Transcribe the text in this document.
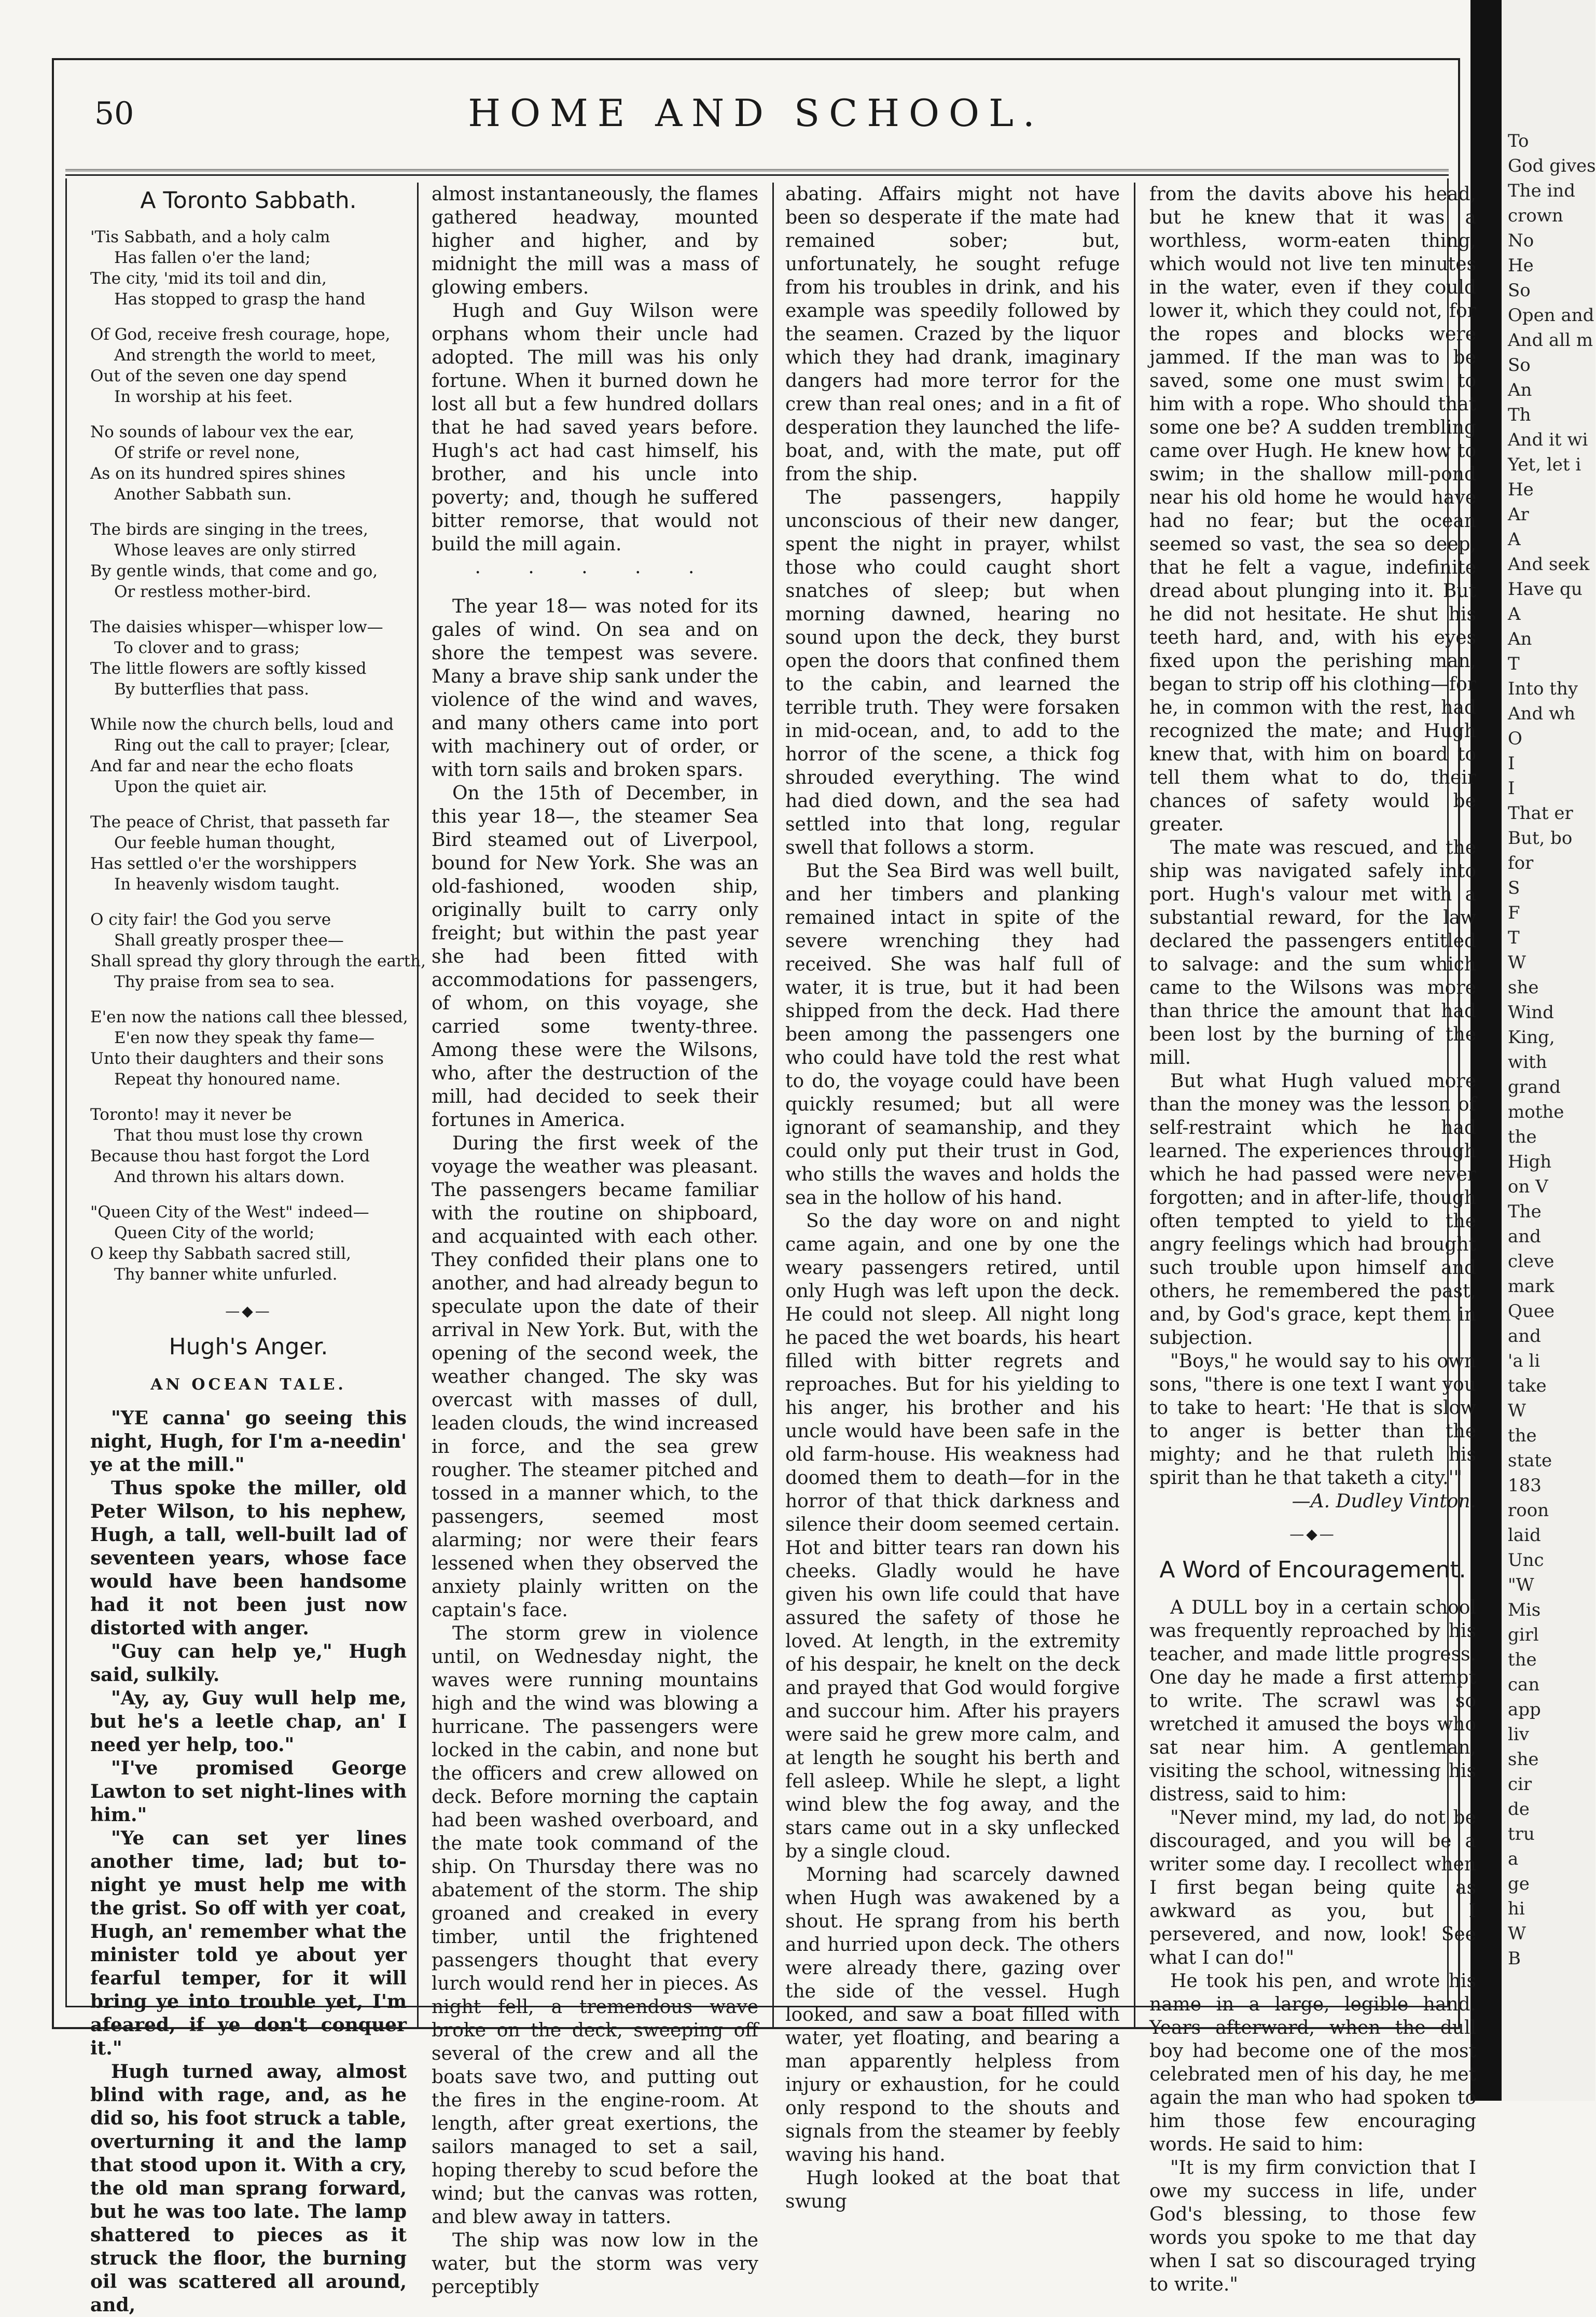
To
God gives
The ind
crown
No
He
So
Open and
And all m
So
An
Th
And it wi
Yet, let i
He
Ar
A
And seek
Have qu
A
An
T
Into thy
And wh
O
I
I
That er
But, bo
for
S
F
T
W
she
Wind
King,
with
grand
mothe
the
High
on V
The
and
cleve
mark
Quee
and
'a li
take
W
the
state
183
roon
laid
Unc
"W
Mis
girl
the
can
app
liv
she
cir
de
tru
a
ge
hi
W
B
50	HOME AND SCHOOL.
A Toronto Sabbath.
'Tis Sabbath, and a holy calm
Has fallen o'er the land;
The city, 'mid its toil and din,
Has stopped to grasp the hand
Of God, receive fresh courage, hope,
And strength the world to meet,
Out of the seven one day spend
In worship at his feet.
No sounds of labour vex the ear,
Of strife or revel none,
As on its hundred spires shines
Another Sabbath sun.
The birds are singing in the trees,
Whose leaves are only stirred
By gentle winds, that come and go,
Or restless mother-bird.
The daisies whisper—whisper low—
To clover and to grass;
The little flowers are softly kissed
By butterflies that pass.
While now the church bells, loud and
Ring out the call to prayer; [clear,
And far and near the echo floats
Upon the quiet air.
The peace of Christ, that passeth far
Our feeble human thought,
Has settled o'er the worshippers
In heavenly wisdom taught.
O city fair! the God you serve
Shall greatly prosper thee—
Shall spread thy glory through the earth,
Thy praise from sea to sea.
E'en now the nations call thee blessed,
E'en now they speak thy fame—
Unto their daughters and their sons
Repeat thy honoured name.
Toronto! may it never be
That thou must lose thy crown
Because thou hast forgot the Lord
And thrown his altars down.
"Queen City of the West" indeed—
Queen City of the world;
O keep thy Sabbath sacred still,
Thy banner white unfurled.
—◆—
Hugh's Anger.
AN OCEAN TALE.

"YE canna' go seeing this night, Hugh, for I'm a-needin' ye at the mill."

Thus spoke the miller, old Peter Wilson, to his nephew, Hugh, a tall, well-built lad of seventeen years, whose face would have been handsome had it not been just now distorted with anger.

"Guy can help ye," Hugh said, sulkily.

"Ay, ay, Guy wull help me, but he's a leetle chap, an' I need yer help, too."

"I've promised George Lawton to set night-lines with him."

"Ye can set yer lines another time, lad; but to-night ye must help me with the grist. So off with yer coat, Hugh, an' remember what the minister told ye about yer fearful temper, for it will bring ye into trouble yet, I'm afeared, if ye don't conquer it."

Hugh turned away, almost blind with rage, and, as he did so, his foot struck a table, overturning it and the lamp that stood upon it. With a cry, the old man sprang forward, but he was too late. The lamp shattered to pieces as it struck the floor, the burning oil was scattered all around, and,

almost instantaneously, the flames gathered headway, mounted higher and higher, and by midnight the mill was a mass of glowing embers.

Hugh and Guy Wilson were orphans whom their uncle had adopted. The mill was his only fortune. When it burned down he lost all but a few hundred dollars that he had saved years before. Hugh's act had cast himself, his brother, and his uncle into poverty; and, though he suffered bitter remorse, that would not build the mill again.

· · · · ·

The year 18— was noted for its gales of wind. On sea and on shore the tempest was severe. Many a brave ship sank under the violence of the wind and waves, and many others came into port with machinery out of order, or with torn sails and broken spars.

On the 15th of December, in this year 18—, the steamer Sea Bird steamed out of Liverpool, bound for New York. She was an old-fashioned, wooden ship, originally built to carry only freight; but within the past year she had been fitted with accommodations for passengers, of whom, on this voyage, she carried some twenty-three. Among these were the Wilsons, who, after the destruction of the mill, had decided to seek their fortunes in America.

During the first week of the voyage the weather was pleasant. The passengers became familiar with the routine on shipboard, and acquainted with each other. They confided their plans one to another, and had already begun to speculate upon the date of their arrival in New York. But, with the opening of the second week, the weather changed. The sky was overcast with masses of dull, leaden clouds, the wind increased in force, and the sea grew rougher. The steamer pitched and tossed in a manner which, to the passengers, seemed most alarming; nor were their fears lessened when they observed the anxiety plainly written on the captain's face.

The storm grew in violence until, on Wednesday night, the waves were running mountains high and the wind was blowing a hurricane. The passengers were locked in the cabin, and none but the officers and crew allowed on deck. Before morning the captain had been washed overboard, and the mate took command of the ship. On Thursday there was no abatement of the storm. The ship groaned and creaked in every timber, until the frightened passengers thought that every lurch would rend her in pieces. As night fell, a tremendous wave broke on the deck, sweeping off several of the crew and all the boats save two, and putting out the fires in the engine-room. At length, after great exertions, the sailors managed to set a sail, hoping thereby to scud before the wind; but the canvas was rotten, and blew away in tatters.

The ship was now low in the water, but the storm was very perceptibly

abating. Affairs might not have been so desperate if the mate had remained sober; but, unfortunately, he sought refuge from his troubles in drink, and his example was speedily followed by the seamen. Crazed by the liquor which they had drank, imaginary dangers had more terror for the crew than real ones; and in a fit of desperation they launched the life-boat, and, with the mate, put off from the ship.

The passengers, happily unconscious of their new danger, spent the night in prayer, whilst those who could caught short snatches of sleep; but when morning dawned, hearing no sound upon the deck, they burst open the doors that confined them to the cabin, and learned the terrible truth. They were forsaken in mid-ocean, and, to add to the horror of the scene, a thick fog shrouded everything. The wind had died down, and the sea had settled into that long, regular swell that follows a storm.

But the Sea Bird was well built, and her timbers and planking remained intact in spite of the severe wrenching they had received. She was half full of water, it is true, but it had been shipped from the deck. Had there been among the passengers one who could have told the rest what to do, the voyage could have been quickly resumed; but all were ignorant of seamanship, and they could only put their trust in God, who stills the waves and holds the sea in the hollow of his hand.

So the day wore on and night came again, and one by one the weary passengers retired, until only Hugh was left upon the deck. He could not sleep. All night long he paced the wet boards, his heart filled with bitter regrets and reproaches. But for his yielding to his anger, his brother and his uncle would have been safe in the old farm-house. His weakness had doomed them to death—for in the horror of that thick darkness and silence their doom seemed certain. Hot and bitter tears ran down his cheeks. Gladly would he have given his own life could that have assured the safety of those he loved. At length, in the extremity of his despair, he knelt on the deck and prayed that God would forgive and succour him. After his prayers were said he grew more calm, and at length he sought his berth and fell asleep. While he slept, a light wind blew the fog away, and the stars came out in a sky unflecked by a single cloud.

Morning had scarcely dawned when Hugh was awakened by a shout. He sprang from his berth and hurried upon deck. The others were already there, gazing over the side of the vessel. Hugh looked, and saw a boat filled with water, yet floating, and bearing a man apparently helpless from injury or exhaustion, for he could only respond to the shouts and signals from the steamer by feebly waving his hand.

Hugh looked at the boat that swung

from the davits above his head, but he knew that it was a worthless, worm-eaten thing, which would not live ten minutes in the water, even if they could lower it, which they could not, for the ropes and blocks were jammed. If the man was to be saved, some one must swim to him with a rope. Who should that some one be? A sudden trembling came over Hugh. He knew how to swim; in the shallow mill-pond near his old home he would have had no fear; but the ocean seemed so vast, the sea so deep, that he felt a vague, indefinite dread about plunging into it. But he did not hesitate. He shut his teeth hard, and, with his eyes fixed upon the perishing man, began to strip off his clothing—for he, in common with the rest, had recognized the mate; and Hugh knew that, with him on board to tell them what to do, their chances of safety would be greater.

The mate was rescued, and the ship was navigated safely into port. Hugh's valour met with a substantial reward, for the law declared the passengers entitled to salvage: and the sum which came to the Wilsons was more than thrice the amount that had been lost by the burning of the mill.

But what Hugh valued more than the money was the lesson of self-restraint which he had learned. The experiences through which he had passed were never forgotten; and in after-life, though often tempted to yield to the angry feelings which had brought such trouble upon himself and others, he remembered the past, and, by God's grace, kept them in subjection.

"Boys," he would say to his own sons, "there is one text I want you to take to heart: 'He that is slow to anger is better than the mighty; and he that ruleth his spirit than he that taketh a city.'"

—A. Dudley Vinton.

—◆—
A Word of Encouragement.

A DULL boy in a certain school was frequently reproached by his teacher, and made little progress. One day he made a first attempt to write. The scrawl was so wretched it amused the boys who sat near him. A gentleman, visiting the school, witnessing his distress, said to him:

"Never mind, my lad, do not be discouraged, and you will be a writer some day. I recollect when I first began being quite as awkward as you, but I persevered, and now, look! See what I can do!"

He took his pen, and wrote his name in a large, legible hand. Years afterward, when the dull boy had become one of the most celebrated men of his day, he met again the man who had spoken to him those few encouraging words. He said to him:

"It is my firm conviction that I owe my success in life, under God's blessing, to those few words you spoke to me that day when I sat so discouraged trying to write."
